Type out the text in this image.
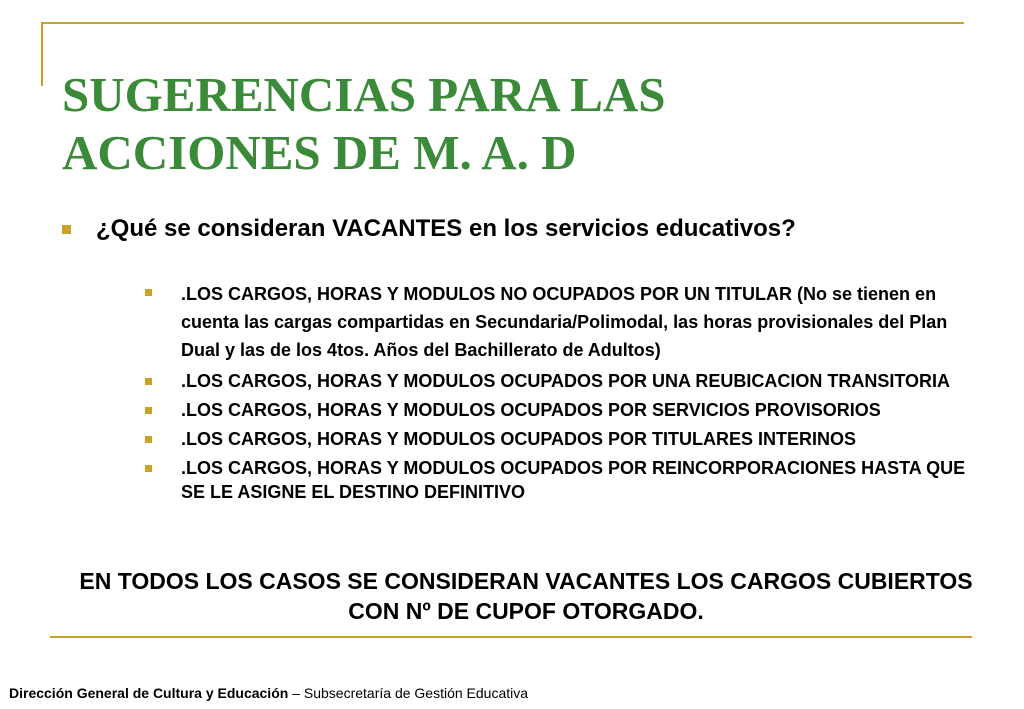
SUGERENCIAS PARA LAS
ACCIONES DE M. A. D
¿Qué se consideran VACANTES en los servicios educativos?
.LOS CARGOS, HORAS Y MODULOS NO OCUPADOS POR UN TITULAR (No se tienen en cuenta las cargas compartidas en Secundaria/Polimodal, las horas provisionales del Plan Dual y las de los 4tos. Años del Bachillerato de Adultos)
.LOS CARGOS, HORAS Y MODULOS OCUPADOS POR UNA REUBICACION TRANSITORIA
.LOS CARGOS, HORAS Y MODULOS OCUPADOS POR SERVICIOS PROVISORIOS
.LOS CARGOS, HORAS Y MODULOS OCUPADOS POR TITULARES INTERINOS
.LOS CARGOS, HORAS Y MODULOS OCUPADOS POR REINCORPORACIONES HASTA QUE SE LE ASIGNE EL DESTINO DEFINITIVO
EN TODOS LOS CASOS SE CONSIDERAN VACANTES LOS CARGOS CUBIERTOS CON Nº DE CUPOF OTORGADO.
Dirección General de Cultura y Educación – Subsecretaría de Gestión Educativa
